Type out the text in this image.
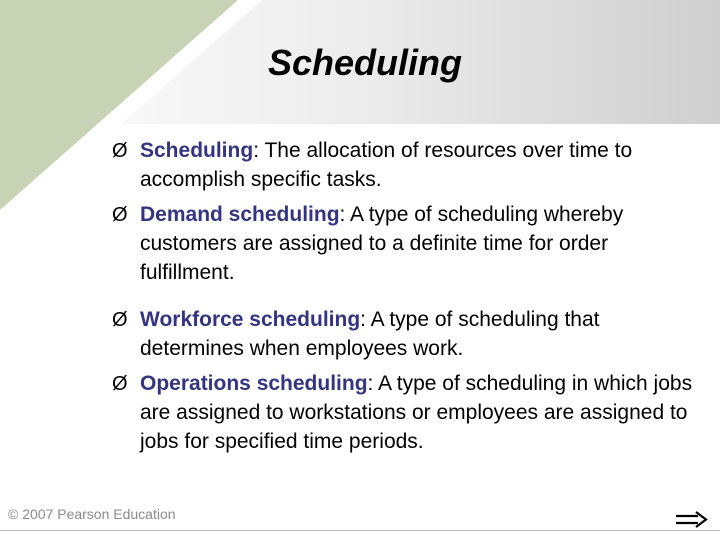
Scheduling
Ø Scheduling: The allocation of resources over time to accomplish specific tasks.
Ø Demand scheduling: A type of scheduling whereby customers are assigned to a definite time for order fulfillment.
Ø Workforce scheduling: A type of scheduling that determines when employees work.
Ø Operations scheduling: A type of scheduling in which jobs are assigned to workstations or employees are assigned to jobs for specified time periods.
© 2007 Pearson Education
